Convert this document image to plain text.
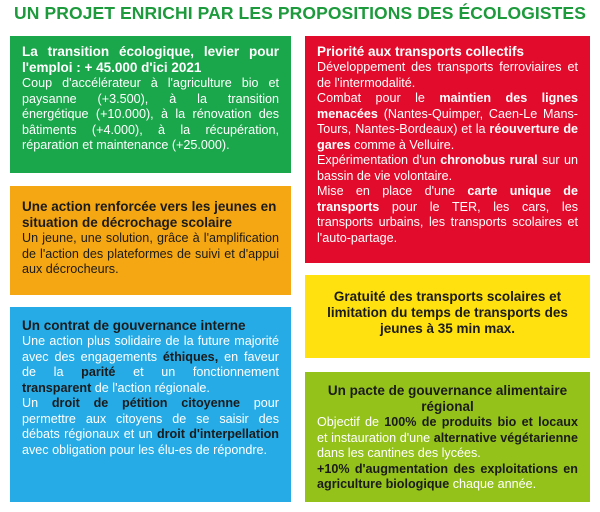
UN PROJET ENRICHI PAR LES PROPOSITIONS DES ÉCOLOGISTES

La transition écologique, levier pour l'emploi : + 45.000 d'ici 2021

Coup d'accélérateur à l'agriculture bio et paysanne (+3.500), à la transition énergétique (+10.000), à la rénovation des bâtiments (+4.000), à la récupération, réparation et maintenance (+25.000).

Priorité aux transports collectifs

Développement des transports ferroviaires et de l'intermodalité.

Combat pour le maintien des lignes menacées (Nantes-Quimper, Caen-Le Mans-Tours, Nantes-Bordeaux) et la réouverture de gares comme à Velluire.

Expérimentation d'un chronobus rural sur un bassin de vie volontaire.

Mise en place d'une carte unique de transports pour le TER, les cars, les transports urbains, les transports scolaires et l'auto-partage.

Une action renforcée vers les jeunes en situation de décrochage scolaire

Un jeune, une solution, grâce à l'amplification de l'action des plateformes de suivi et d'appui aux décrocheurs.

Gratuité des transports scolaires et limitation du temps de transports des jeunes à 35 min max.

Un contrat de gouvernance interne

Une action plus solidaire de la future majorité avec des engagements éthiques, en faveur de la parité et un fonctionnement transparent de l'action régionale.

Un droit de pétition citoyenne pour permettre aux citoyens de se saisir des débats régionaux et un droit d'interpellation avec obligation pour les élu-es de répondre.

Un pacte de gouvernance alimentaire régional

Objectif de 100% de produits bio et locaux et instauration d'une alternative végétarienne dans les cantines des lycées.

+10% d'augmentation des exploitations en agriculture biologique chaque année.
